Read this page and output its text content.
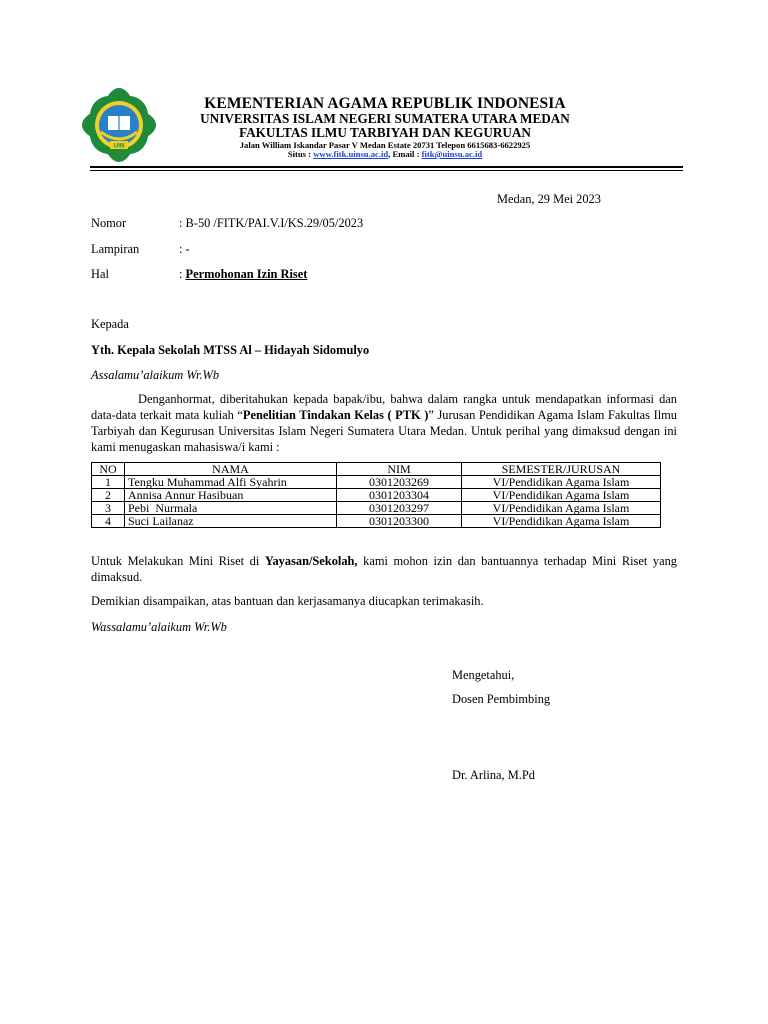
UIN
KEMENTERIAN AGAMA REPUBLIK INDONESIA
UNIVERSITAS ISLAM NEGERI SUMATERA UTARA MEDAN
FAKULTAS ILMU TARBIYAH DAN KEGURUAN
Jalan William Iskandar Pasar V Medan Estate 20731 Telepon 6615683-6622925
Situs : www.fitk.uinsu.ac.id, Email : fitk@uinsu.ac.id
Medan, 29 Mei 2023
Nomor	: B-50 /FITK/PAI.V.I/KS.29/05/2023
Lampiran	: -
Hal	: Permohonan Izin Riset
Kepada
Yth. Kepala Sekolah MTSS Al – Hidayah Sidomulyo
Assalamu’alaikum Wr.Wb
Denganhormat, diberitahukan kepada bapak/ibu, bahwa dalam rangka untuk mendapatkan informasi dan data-data terkait mata kuliah “Penelitian Tindakan Kelas ( PTK )” Jurusan Pendidikan Agama Islam Fakultas Ilmu Tarbiyah dan Kegurusan Universitas Islam Negeri Sumatera Utara Medan. Untuk perihal yang dimaksud dengan ini kami menugaskan mahasiswa/i kami :
NO	NAMA	NIM	SEMESTER/JURUSAN
1	Tengku Muhammad Alfi Syahrin	0301203269	VI/Pendidikan Agama Islam
2	Annisa Annur Hasibuan	0301203304	VI/Pendidikan Agama Islam
3	Pebi  Nurmala	0301203297	VI/Pendidikan Agama Islam
4	Suci Lailanaz	0301203300	VI/Pendidikan Agama Islam
Untuk Melakukan Mini Riset di Yayasan/Sekolah, kami mohon izin dan bantuannya terhadap Mini Riset yang dimaksud.
Demikian disampaikan, atas bantuan dan kerjasamanya diucapkan terimakasih.
Wassalamu’alaikum Wr.Wb
Mengetahui,
Dosen Pembimbing
Dr. Arlina, M.Pd
